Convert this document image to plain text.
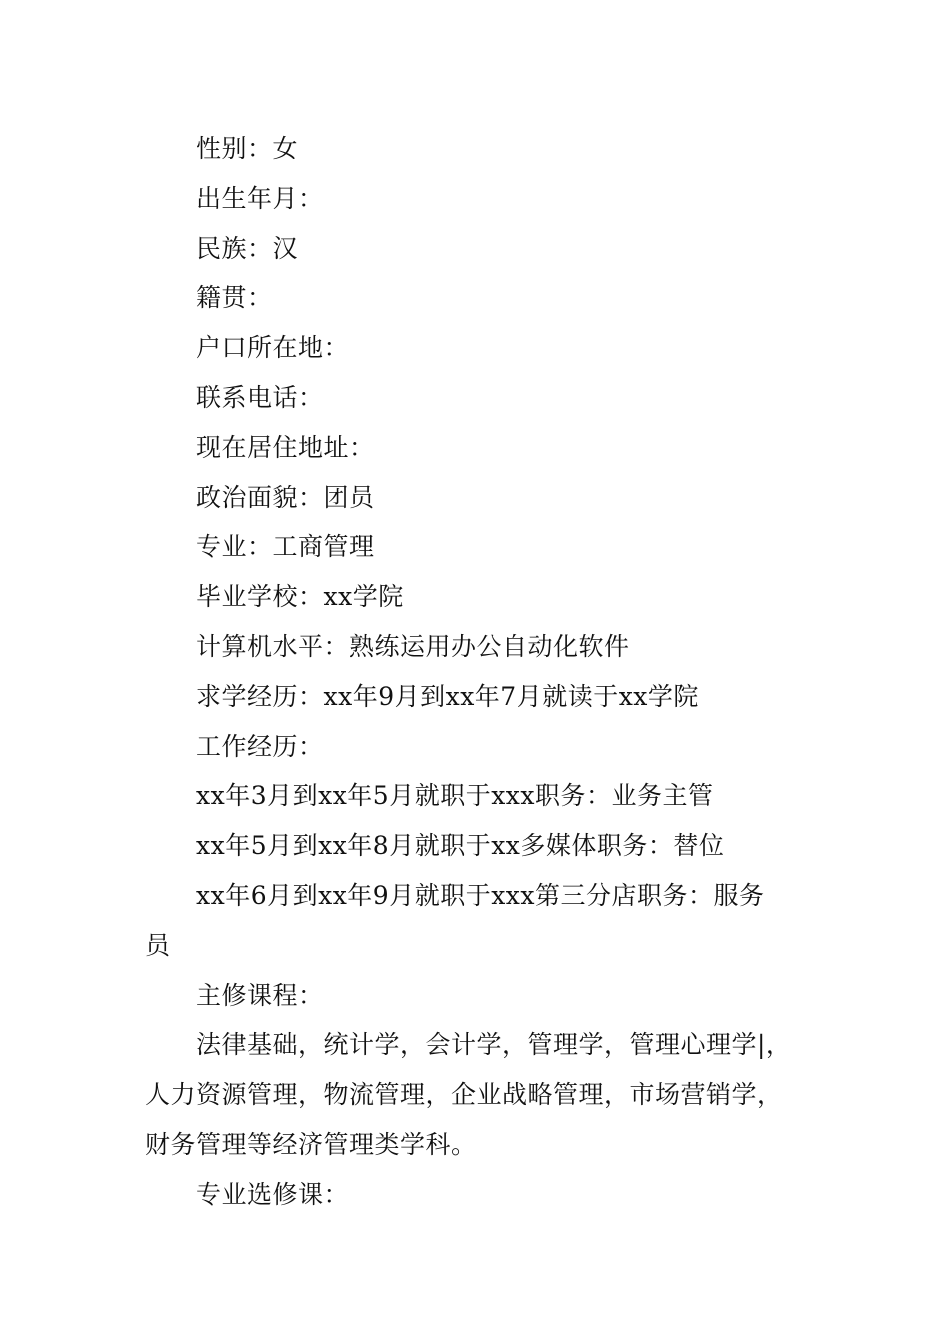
性别：女
出生年月：
民族：汉
籍贯：
户口所在地：
联系电话：
现在居住地址：
政治面貌：团员
专业：工商管理
毕业学校：xx学院
计算机水平：熟练运用办公自动化软件
求学经历：xx年9月到xx年7月就读于xx学院
工作经历：
xx年3月到xx年5月就职于xxx职务：业务主管
xx年5月到xx年8月就职于xx多媒体职务：替位
xx年6月到xx年9月就职于xxx第三分店职务：服务
员
主修课程：
法律基础，统计学，会计学，管理学，管理心理学|，
人力资源管理，物流管理，企业战略管理，市场营销学，
财务管理等经济管理类学科。
专业选修课：
